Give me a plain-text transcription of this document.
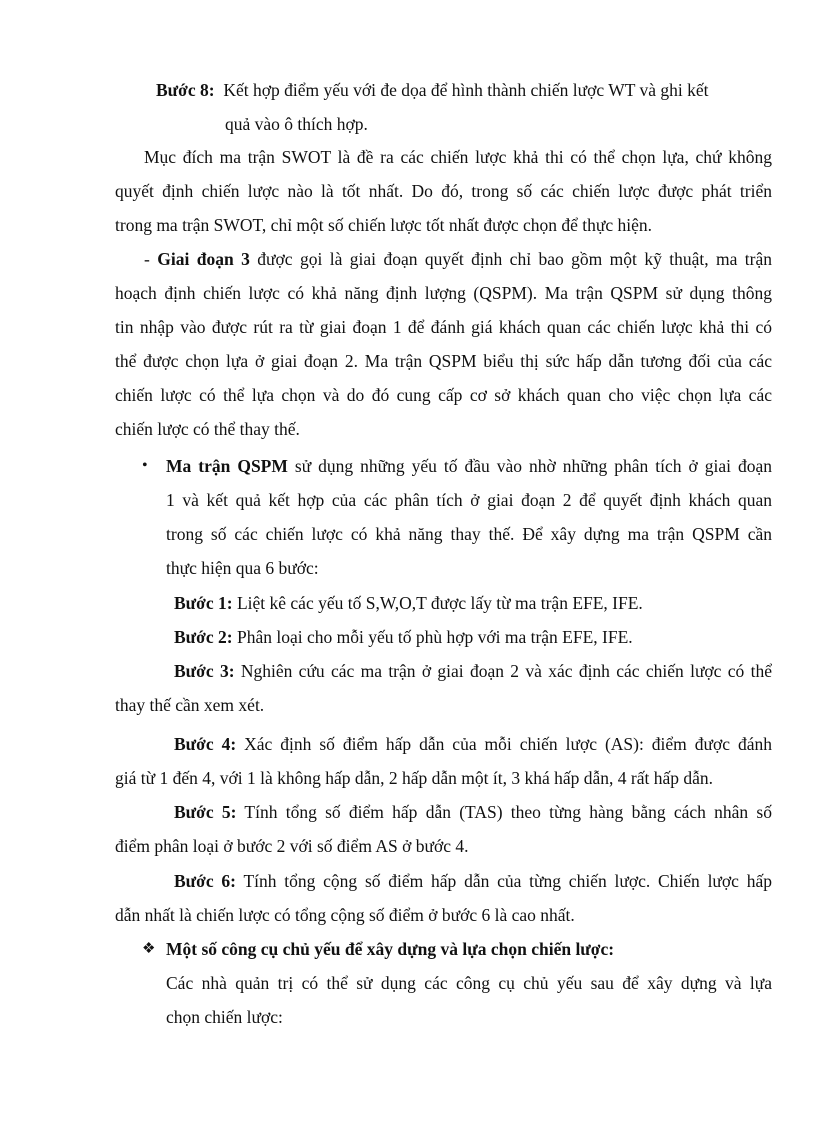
Bước 8: Kết hợp điểm yếu với đe dọa để hình thành chiến lược WT và ghi kết
quả vào ô thích hợp.
Mục đích ma trận SWOT là đề ra các chiến lược khả thi có thể chọn lựa, chứ không
quyết định chiến lược nào là tốt nhất. Do đó, trong số các chiến lược được phát triển
trong ma trận SWOT, chỉ một số chiến lược tốt nhất được chọn để thực hiện.
- Giai đoạn 3 được gọi là giai đoạn quyết định chỉ bao gồm một kỹ thuật, ma trận
hoạch định chiến lược có khả năng định lượng (QSPM). Ma trận QSPM sử dụng thông
tin nhập vào được rút ra từ giai đoạn 1 để đánh giá khách quan các chiến lược khả thi có
thể được chọn lựa ở giai đoạn 2. Ma trận QSPM biểu thị sức hấp dẫn tương đối của các
chiến lược có thể lựa chọn và do đó cung cấp cơ sở khách quan cho việc chọn lựa các
chiến lược có thể thay thế.
• Ma trận QSPM sử dụng những yếu tố đầu vào nhờ những phân tích ở giai đoạn
1 và kết quả kết hợp của các phân tích ở giai đoạn 2 để quyết định khách quan
trong số các chiến lược có khả năng thay thế. Để xây dựng ma trận QSPM cần
thực hiện qua 6 bước:
Bước 1: Liệt kê các yếu tố S,W,O,T được lấy từ ma trận EFE, IFE.
Bước 2: Phân loại cho mỗi yếu tố phù hợp với ma trận EFE, IFE.
Bước 3: Nghiên cứu các ma trận ở giai đoạn 2 và xác định các chiến lược có thể
thay thế cần xem xét.
Bước 4: Xác định số điểm hấp dẫn của mỗi chiến lược (AS): điểm được đánh
giá từ 1 đến 4, với 1 là không hấp dẫn, 2 hấp dẫn một ít, 3 khá hấp dẫn, 4 rất hấp dẫn.
Bước 5: Tính tổng số điểm hấp dẫn (TAS) theo từng hàng bằng cách nhân số
điểm phân loại ở bước 2 với số điểm AS ở bước 4.
Bước 6: Tính tổng cộng số điểm hấp dẫn của từng chiến lược. Chiến lược hấp
dẫn nhất là chiến lược có tổng cộng số điểm ở bước 6 là cao nhất.
❖ Một số công cụ chủ yếu để xây dựng và lựa chọn chiến lược:
Các nhà quản trị có thể sử dụng các công cụ chủ yếu sau để xây dựng và lựa
chọn chiến lược:
